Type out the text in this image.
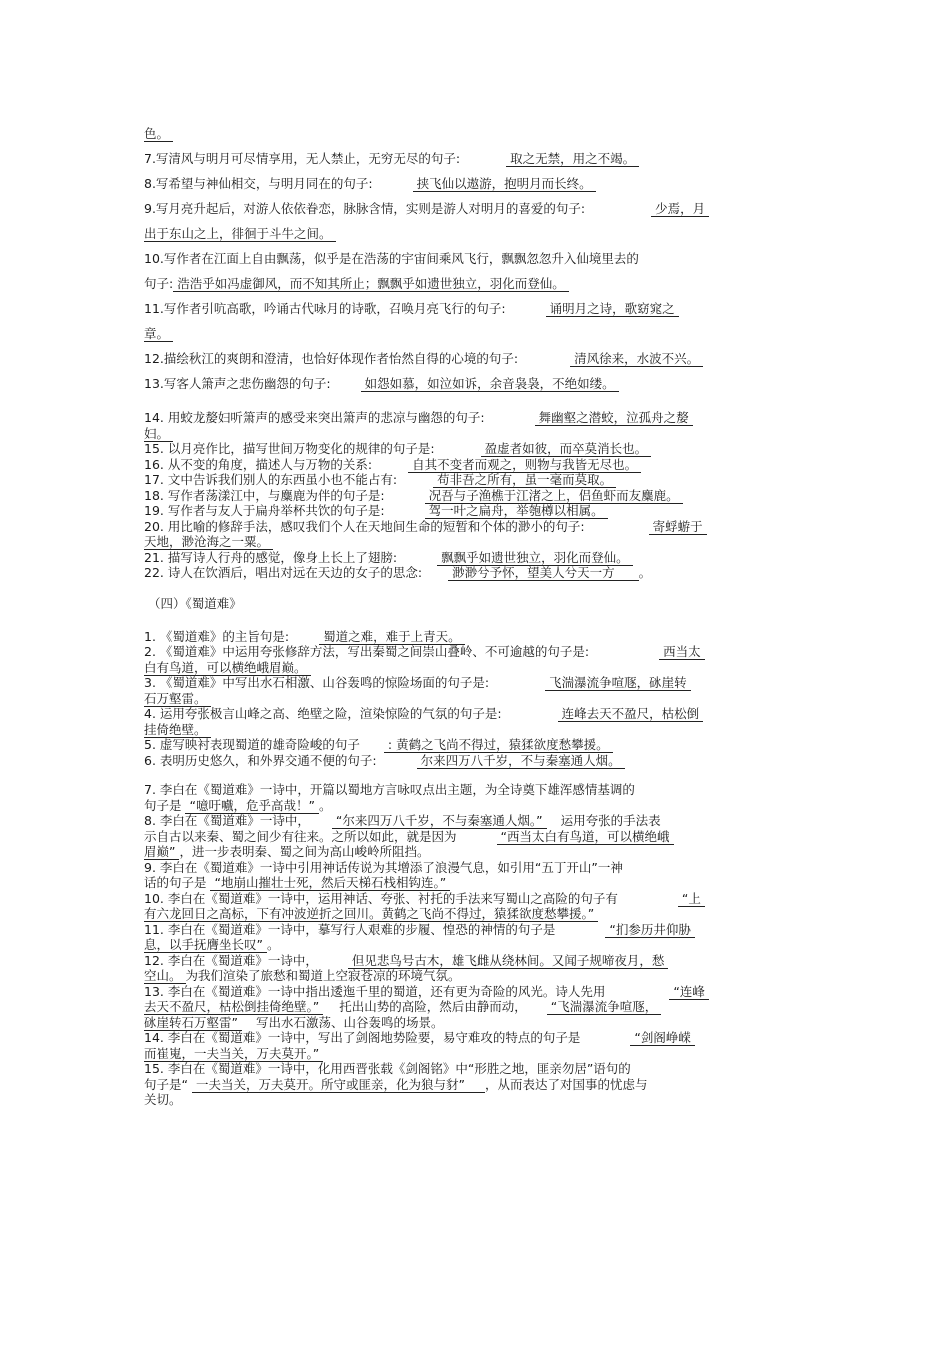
色。
7.写清风与明月可尽情享用，无人禁止，无穷无尽的句子:	取之无禁，用之不竭。
8.写希望与神仙相交，与明月同在的句子:	挟飞仙以遨游，抱明月而长终。
9.写月亮升起后，对游人依依眷恋，脉脉含情，实则是游人对明月的喜爱的句子:	少焉，月
出于东山之上，徘徊于斗牛之间。
10.写作者在江面上自由飘荡，似乎是在浩荡的宇宙间乘风飞行，飘飘忽忽升入仙境里去的
句子: 浩浩乎如冯虚御风，而不知其所止；飘飘乎如遗世独立，羽化而登仙。
11.写作者引吭高歌，吟诵古代咏月的诗歌，召唤月亮飞行的句子:	诵明月之诗，歌窈窕之
章。
12.描绘秋江的爽朗和澄清，也恰好体现作者怡然自得的心境的句子:	清风徐来，水波不兴。
13.写客人箫声之悲伤幽怨的句子:	如怨如慕，如泣如诉，余音袅袅，不绝如缕。
14. 用蛟龙嫠妇听箫声的感受来突出箫声的悲凉与幽怨的句子:	舞幽壑之潜蛟，泣孤舟之嫠
妇。
15. 以月亮作比，描写世间万物变化的规律的句子是:	盈虚者如彼，而卒莫消长也。
16. 从不变的角度，描述人与万物的关系:	自其不变者而观之，则物与我皆无尽也。
17. 文中告诉我们别人的东西虽小也不能占有:	苟非吾之所有，虽一毫而莫取。
18. 写作者荡漾江中，与麋鹿为伴的句子是:	况吾与子渔樵于江渚之上，侣鱼虾而友麋鹿。
19. 写作者与友人于扁舟举杯共饮的句子是:	驾一叶之扁舟，举匏樽以相属。
20. 用比喻的修辞手法，感叹我们个人在天地间生命的短暂和个体的渺小的句子:	寄蜉蝣于
天地，渺沧海之一粟。
21. 描写诗人行舟的感觉，像身上长上了翅膀:	飘飘乎如遗世独立，羽化而登仙。
22. 诗人在饮酒后，唱出对远在天边的女子的思念: 渺渺兮予怀，望美人兮天一方 。
（四）《蜀道难》
1. 《蜀道难》的主旨句是:	蜀道之难，难于上青天。
2. 《蜀道难》中运用夸张修辞方法，写出秦蜀之间崇山叠岭、不可逾越的句子是:	西当太
白有鸟道，可以横绝峨眉巅。
3. 《蜀道难》中写出水石相激、山谷轰鸣的惊险场面的句子是:	飞湍瀑流争喧豗，砯崖转
石万壑雷。
4. 运用夸张极言山峰之高、绝壁之险，渲染惊险的气氛的句子是:	连峰去天不盈尺，枯松倒
挂倚绝壁。
5. 虚写映衬表现蜀道的雄奇险峻的句子 : 黄鹤之飞尚不得过，猿猱欲度愁攀援。
6. 表明历史悠久，和外界交通不便的句子:	尔来四万八千岁，不与秦塞通人烟。
7. 李白在《蜀道难》一诗中，开篇以蜀地方言咏叹点出主题，为全诗奠下雄浑感情基调的
句子是 “噫吁嚱，危乎高哉！” 。
8. 李白在《蜀道难》一诗中， “尔来四万八千岁，不与秦塞通人烟。” 运用夸张的手法表
示自古以来秦、蜀之间少有往来。之所以如此，就是因为	“西当太白有鸟道，可以横绝峨
眉巅” ，进一步表明秦、蜀之间为高山峻岭所阻挡。
9. 李白在《蜀道难》一诗中引用神话传说为其增添了浪漫气息，如引用“五丁开山”一神
话的句子是 “地崩山摧壮士死，然后天梯石栈相钩连。”
10. 李白在《蜀道难》一诗中，运用神话、夸张、衬托的手法来写蜀山之高险的句子有	“上
有六龙回日之高标，下有冲波逆折之回川。黄鹤之飞尚不得过，猿猱欲度愁攀援。”
11. 李白在《蜀道难》一诗中，摹写行人艰难的步履、惶恐的神情的句子是	“扪参历井仰胁
息，以手抚膺坐长叹” 。
12. 李白在《蜀道难》一诗中，	但见悲鸟号古木，雄飞雌从绕林间。又闻子规啼夜月，愁
空山。 为我们渲染了旅愁和蜀道上空寂苍凉的环境气氛。
13. 李白在《蜀道难》一诗中指出逶迤千里的蜀道，还有更为奇险的风光。诗人先用	“连峰
去天不盈尺，枯松倒挂倚绝壁。” 托出山势的高险，然后由静而动， “飞湍瀑流争喧豗，
砯崖转石万壑雷” 写出水石激荡、山谷轰鸣的场景。
14. 李白在《蜀道难》一诗中，写出了剑阁地势险要，易守难攻的特点的句子是	“剑阁峥嵘
而崔嵬，一夫当关，万夫莫开。”
15. 李白在《蜀道难》一诗中，化用西晋张载《剑阁铭》中“形胜之地，匪亲勿居”语句的
句子是“ 一夫当关，万夫莫开。所守或匪亲，化为狼与豺” ，从而表达了对国事的忧虑与
关切。
